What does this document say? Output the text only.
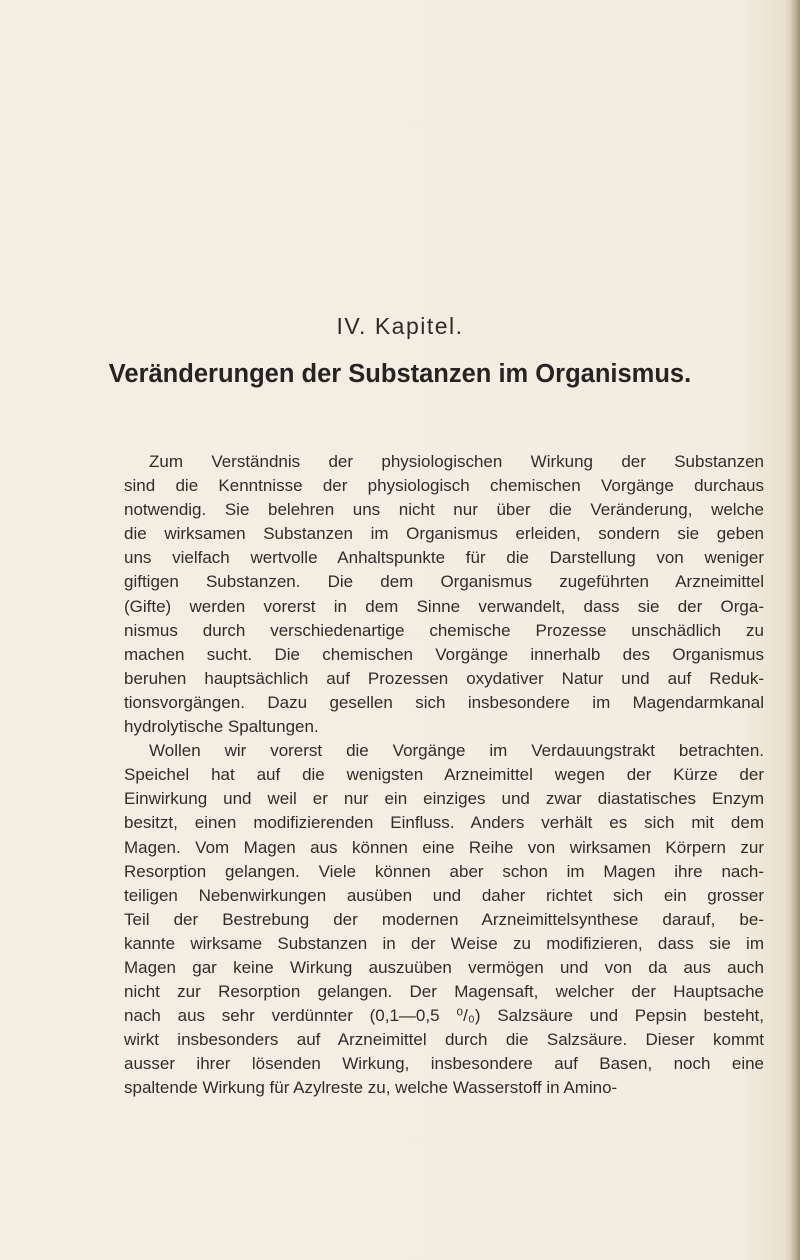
IV. Kapitel.
Veränderungen der Substanzen im Organismus.
Zum Verständnis der physiologischen Wirkung der Substanzen
sind die Kenntnisse der physiologisch chemischen Vorgänge durchaus
notwendig. Sie belehren uns nicht nur über die Veränderung, welche
die wirksamen Substanzen im Organismus erleiden, sondern sie geben
uns vielfach wertvolle Anhaltspunkte für die Darstellung von weniger
giftigen Substanzen. Die dem Organismus zugeführten Arzneimittel
(Gifte) werden vorerst in dem Sinne verwandelt, dass sie der Orga-
nismus durch verschiedenartige chemische Prozesse unschädlich zu
machen sucht. Die chemischen Vorgänge innerhalb des Organismus
beruhen hauptsächlich auf Prozessen oxydativer Natur und auf Reduk-
tionsvorgängen. Dazu gesellen sich insbesondere im Magendarmkanal
hydrolytische Spaltungen.
Wollen wir vorerst die Vorgänge im Verdauungstrakt betrachten.
Speichel hat auf die wenigsten Arzneimittel wegen der Kürze der
Einwirkung und weil er nur ein einziges und zwar diastatisches Enzym
besitzt, einen modifizierenden Einfluss. Anders verhält es sich mit dem
Magen. Vom Magen aus können eine Reihe von wirksamen Körpern zur
Resorption gelangen. Viele können aber schon im Magen ihre nach-
teiligen Nebenwirkungen ausüben und daher richtet sich ein grosser
Teil der Bestrebung der modernen Arzneimittelsynthese darauf, be-
kannte wirksame Substanzen in der Weise zu modifizieren, dass sie im
Magen gar keine Wirkung auszuüben vermögen und von da aus auch
nicht zur Resorption gelangen. Der Magensaft, welcher der Hauptsache
nach aus sehr verdünnter (0,1—0,5 ⁰/₀) Salzsäure und Pepsin besteht,
wirkt insbesonders auf Arzneimittel durch die Salzsäure. Dieser kommt
ausser ihrer lösenden Wirkung, insbesondere auf Basen, noch eine
spaltende Wirkung für Azylreste zu, welche Wasserstoff in Amino-
